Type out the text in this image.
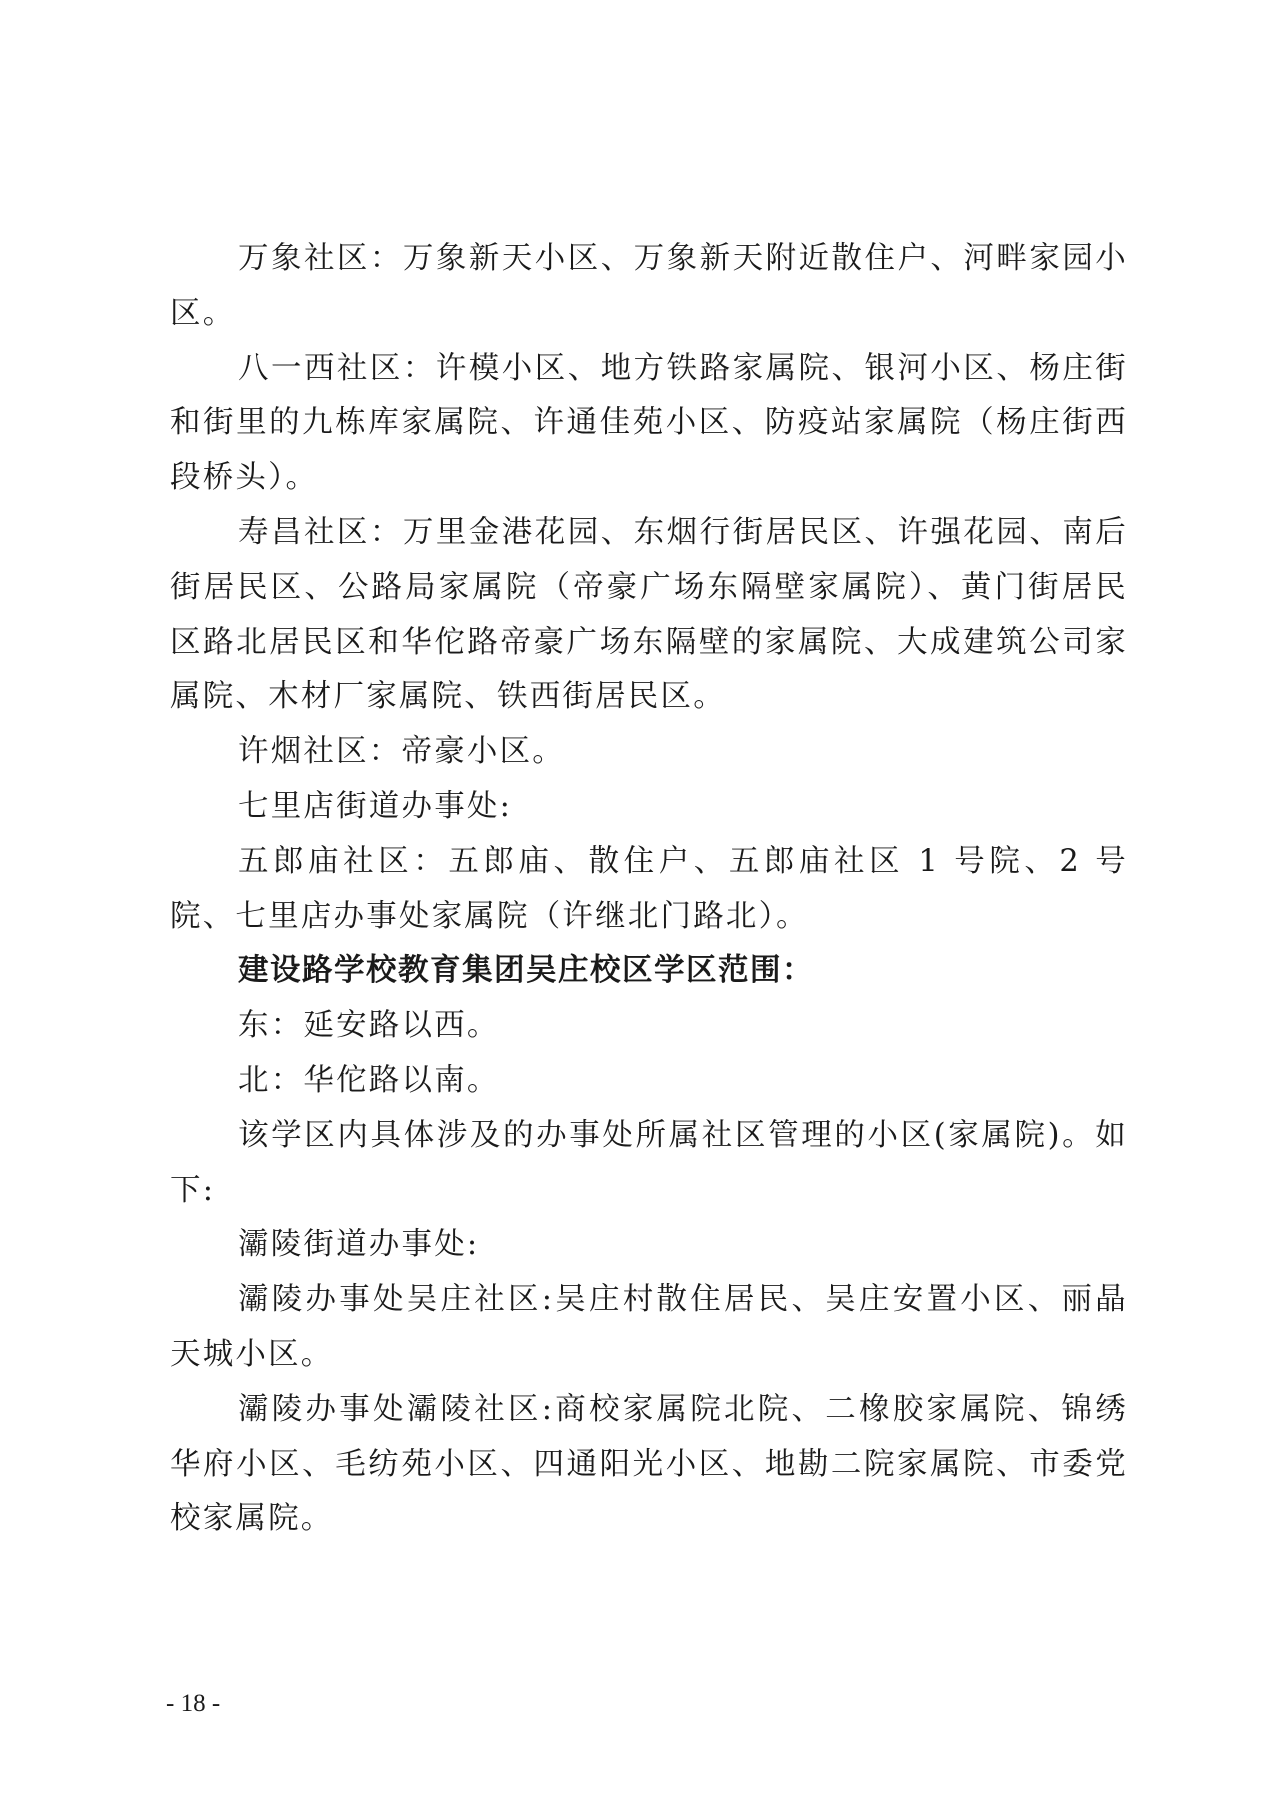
万象社区：万象新天小区、万象新天附近散住户、河畔家园小区。

八一西社区：许模小区、地方铁路家属院、银河小区、杨庄街和街里的九栋库家属院、许通佳苑小区、防疫站家属院（杨庄街西段桥头）。

寿昌社区：万里金港花园、东烟行街居民区、许强花园、南后街居民区、公路局家属院（帝豪广场东隔壁家属院）、黄门街居民区路北居民区和华佗路帝豪广场东隔壁的家属院、大成建筑公司家属院、木材厂家属院、铁西街居民区。

许烟社区：帝豪小区。

七里店街道办事处:

五郎庙社区：五郎庙、散住户、五郎庙社区 1 号院、2 号院、七里店办事处家属院（许继北门路北）。

建设路学校教育集团吴庄校区学区范围：

东：延安路以西。

北：华佗路以南。

该学区内具体涉及的办事处所属社区管理的小区(家属院)。如下:

灞陵街道办事处:

灞陵办事处吴庄社区:吴庄村散住居民、吴庄安置小区、丽晶天城小区。

灞陵办事处灞陵社区:商校家属院北院、二橡胶家属院、锦绣华府小区、毛纺苑小区、四通阳光小区、地勘二院家属院、市委党校家属院。

- 18 -
